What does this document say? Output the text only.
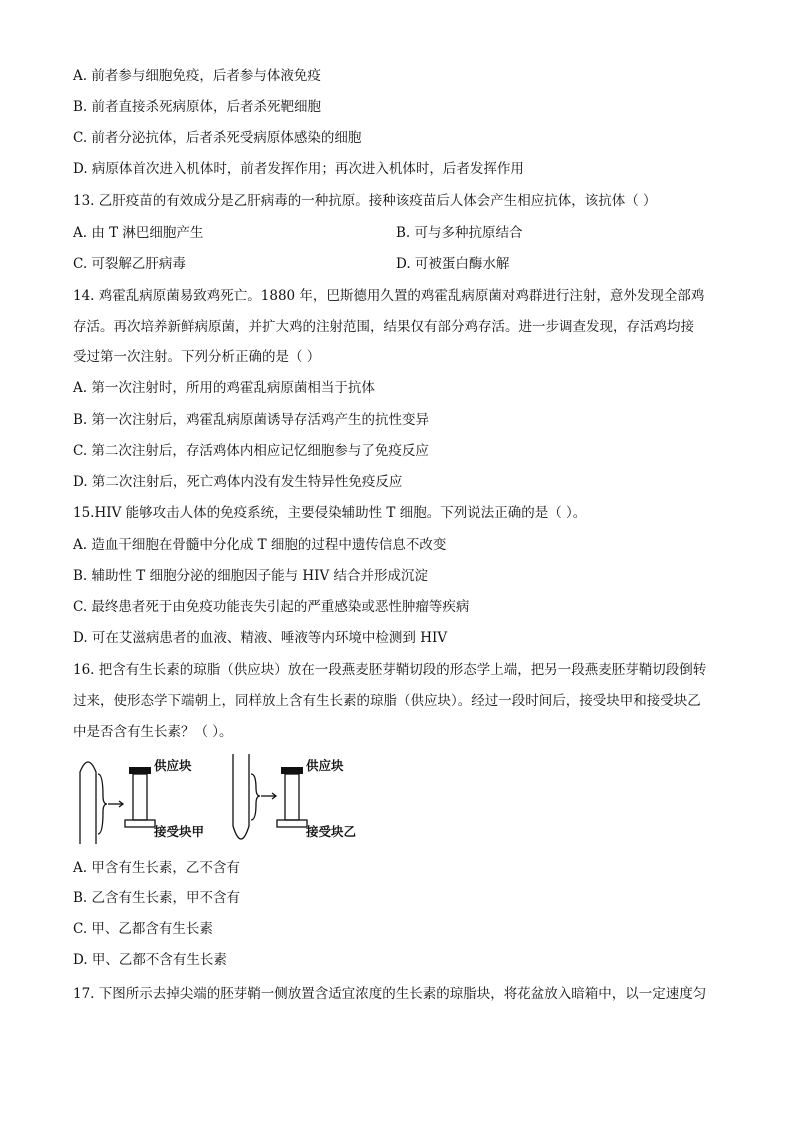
A. 前者参与细胞免疫，后者参与体液免疫
B. 前者直接杀死病原体，后者杀死靶细胞
C. 前者分泌抗体，后者杀死受病原体感染的细胞
D. 病原体首次进入机体时，前者发挥作用；再次进入机体时，后者发挥作用
13. 乙肝疫苗的有效成分是乙肝病毒的一种抗原。接种该疫苗后人体会产生相应抗体，该抗体（ ）
A. 由 T 淋巴细胞产生	B. 可与多种抗原结合
C. 可裂解乙肝病毒	D. 可被蛋白酶水解
14. 鸡霍乱病原菌易致鸡死亡。1880 年，巴斯德用久置的鸡霍乱病原菌对鸡群进行注射，意外发现全部鸡
存活。再次培养新鲜病原菌，并扩大鸡的注射范围，结果仅有部分鸡存活。进一步调查发现，存活鸡均接
受过第一次注射。下列分析正确的是（ ）
A. 第一次注射时，所用的鸡霍乱病原菌相当于抗体
B. 第一次注射后，鸡霍乱病原菌诱导存活鸡产生的抗性变异
C. 第二次注射后，存活鸡体内相应记忆细胞参与了免疫反应
D. 第二次注射后，死亡鸡体内没有发生特异性免疫反应
15.HIV 能够攻击人体的免疫系统，主要侵染辅助性 T 细胞。下列说法正确的是（ ）。
A. 造血干细胞在骨髓中分化成 T 细胞的过程中遗传信息不改变
B. 辅助性 T 细胞分泌的细胞因子能与 HIV 结合并形成沉淀
C. 最终患者死于由免疫功能丧失引起的严重感染或恶性肿瘤等疾病
D. 可在艾滋病患者的血液、精液、唾液等内环境中检测到 HIV
16. 把含有生长素的琼脂（供应块）放在一段燕麦胚芽鞘切段的形态学上端，把另一段燕麦胚芽鞘切段倒转
过来，使形态学下端朝上，同样放上含有生长素的琼脂（供应块）。经过一段时间后，接受块甲和接受块乙
中是否含有生长素？（ ）。
供应块
接受块甲
供应块
接受块乙
A. 甲含有生长素，乙不含有
B. 乙含有生长素，甲不含有
C. 甲、乙都含有生长素
D. 甲、乙都不含有生长素
17. 下图所示去掉尖端的胚芽鞘一侧放置含适宜浓度的生长素的琼脂块，将花盆放入暗箱中，以一定速度匀
